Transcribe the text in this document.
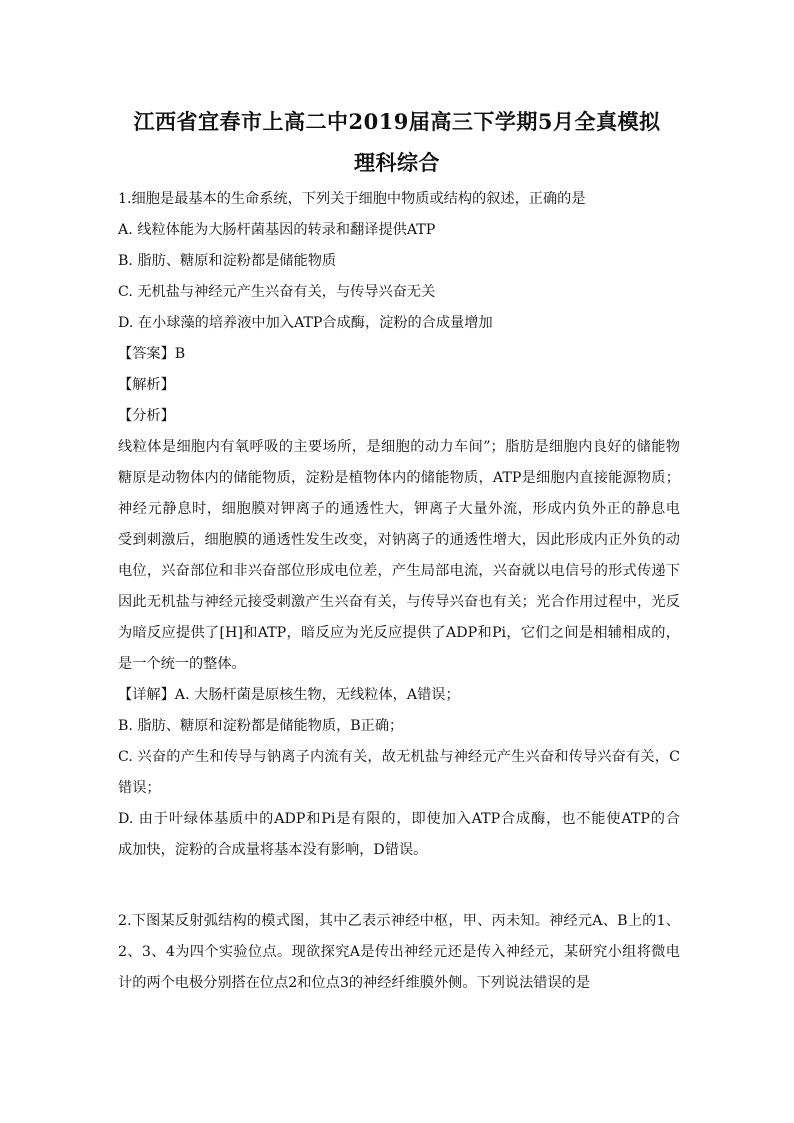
江西省宜春市上高二中2019届高三下学期5月全真模拟
理科综合
1.细胞是最基本的生命系统，下列关于细胞中物质或结构的叙述，正确的是
A. 线粒体能为大肠杆菌基因的转录和翻译提供ATP
B. 脂肪、糖原和淀粉都是储能物质
C. 无机盐与神经元产生兴奋有关，与传导兴奋无关
D. 在小球藻的培养液中加入ATP合成酶，淀粉的合成量增加
【答案】B
【解析】
【分析】
线粒体是细胞内有氧呼吸的主要场所，是细胞的动力车间”；脂肪是细胞内良好的储能物
糖原是动物体内的储能物质，淀粉是植物体内的储能物质，ATP是细胞内直接能源物质；
神经元静息时，细胞膜对钾离子的通透性大，钾离子大量外流，形成内负外正的静息电
受到刺激后，细胞膜的通透性发生改变，对钠离子的通透性增大，因此形成内正外负的动
电位，兴奋部位和非兴奋部位形成电位差，产生局部电流，兴奋就以电信号的形式传递下
因此无机盐与神经元接受刺激产生兴奋有关，与传导兴奋也有关；光合作用过程中，光反
为暗反应提供了[H]和ATP，暗反应为光反应提供了ADP和Pi，它们之间是相辅相成的，
是一个统一的整体。
【详解】A. 大肠杆菌是原核生物，无线粒体，A错误；
B. 脂肪、糖原和淀粉都是储能物质，B正确；
C. 兴奋的产生和传导与钠离子内流有关，故无机盐与神经元产生兴奋和传导兴奋有关，C
错误；
D. 由于叶绿体基质中的ADP和Pi是有限的，即使加入ATP合成酶，也不能使ATP的合
成加快，淀粉的合成量将基本没有影响，D错误。
2.下图某反射弧结构的模式图，其中乙表示神经中枢，甲、丙未知。神经元A、B上的1、
2、3、4为四个实验位点。现欲探究A是传出神经元还是传入神经元，某研究小组将微电
计的两个电极分别搭在位点2和位点3的神经纤维膜外侧。下列说法错误的是
